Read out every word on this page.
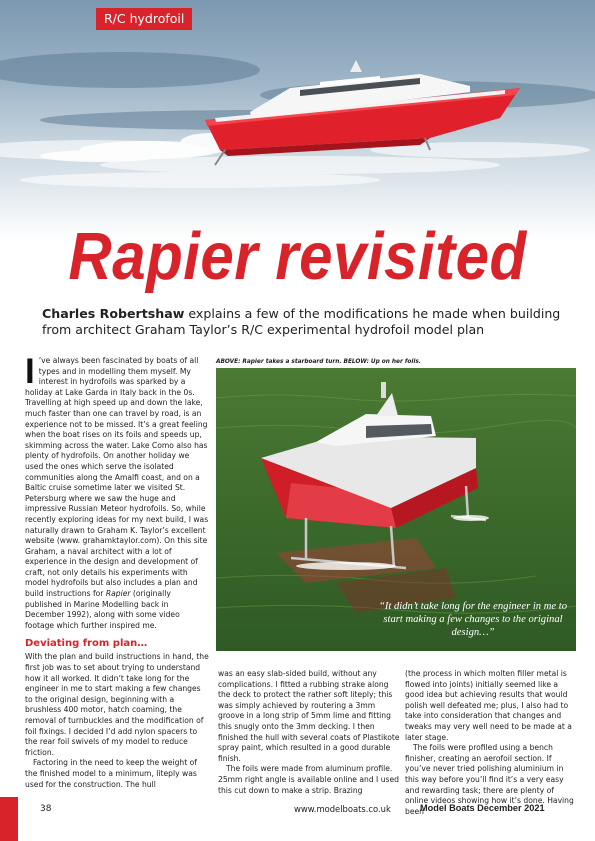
R/C hydrofoil
Rapier revisited
Charles Robertshaw explains a few of the modifications he made when building from architect Graham Taylor’s R/C experimental hydrofoil model plan

I ’ve always been fascinated by boats of all types and in modelling them myself. My interest in hydrofoils was sparked by a holiday at Lake Garda in Italy back in the 0s. Travelling at high speed up and down the lake, much faster than one can travel by road, is an experience not to be missed. It’s a great feeling when the boat rises on its foils and speeds up, skimming across the water. Lake Como also has plenty of hydrofoils. On another holiday we used the ones which serve the isolated communities along the Amalfi coast, and on a Baltic cruise sometime later we visited St. Petersburg where we saw the huge and impressive Russian Meteor hydrofoils. So, while recently exploring ideas for my next build, I was naturally drawn to Graham K. Taylor’s excellent website (www. grahamktaylor.com). On this site Graham, a naval architect with a lot of experience in the design and development of craft, not only details his experiments with model hydrofoils but also includes a plan and build instructions for Rapier (originally published in Marine Modelling back in December 1992), along with some video footage which further inspired me.

Deviating from plan…

With the plan and build instructions in hand, the first job was to set about trying to understand how it all worked. It didn’t take long for the engineer in me to start making a few changes to the original design, beginning with a brushless 400 motor, hatch coaming, the removal of turnbuckles and the modification of foil fixings. I decided I’d add nylon spacers to the rear foil swivels of my model to reduce friction.

Factoring in the need to keep the weight of the finished model to a minimum, liteply was used for the construction. The hull

ABOVE: Rapier takes a starboard turn. BELOW: Up on her foils.
“It didn’t take long for the engineer in me to start making a few changes to the original design…”

was an easy slab-sided build, without any complications. I fitted a rubbing strake along the deck to protect the rather soft liteply; this was simply achieved by routering a 3mm groove in a long strip of 5mm lime and fitting this snugly onto the 3mm decking. I then finished the hull with several coats of Plastikote spray paint, which resulted in a good durable finish.

The foils were made from aluminum profile. 25mm right angle is available online and I used this cut down to make a strip. Brazing

(the process in which molten filler metal is flowed into joints) initially seemed like a good idea but achieving results that would polish well defeated me; plus, I also had to take into consideration that changes and tweaks may very well need to be made at a later stage.

The foils were profiled using a bench finisher, creating an aerofoil section. If you’ve never tried polishing aluminium in this way before you’ll find it’s a very easy and rewarding task; there are plenty of online videos showing how it’s done. Having been

38	www.modelboats.co.uk	Model Boats December 2021
